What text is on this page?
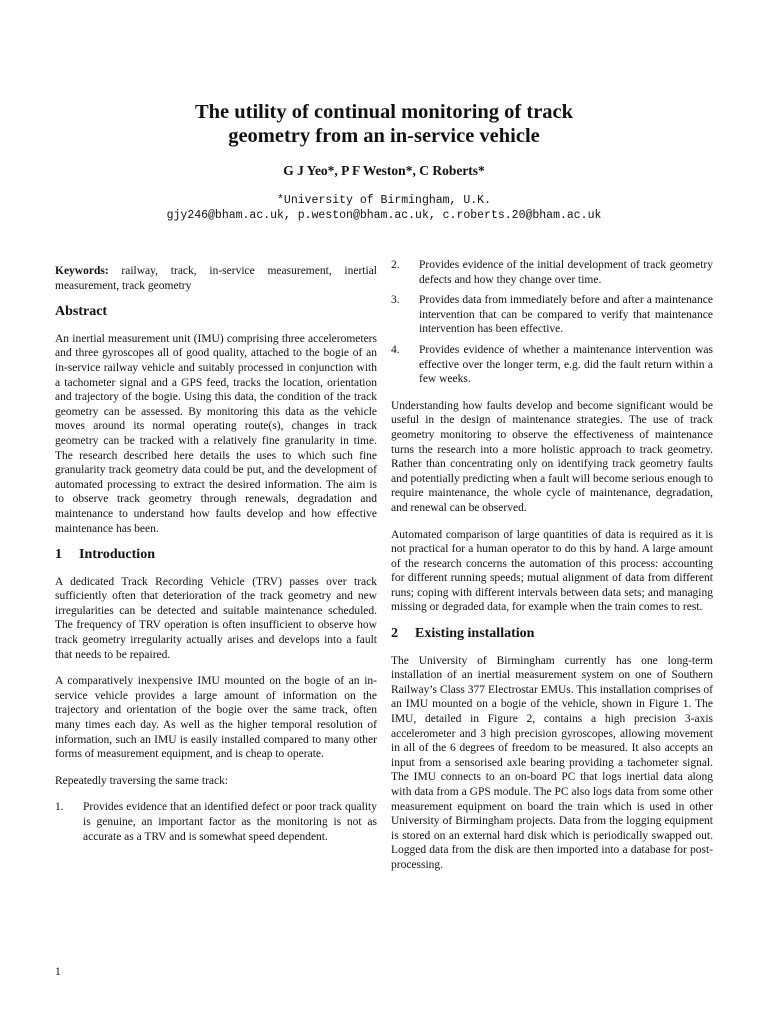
The utility of continual monitoring of track
geometry from an in-service vehicle
G J Yeo*, P F Weston*, C Roberts*
*University of Birmingham, U.K.
gjy246@bham.ac.uk, p.weston@bham.ac.uk, c.roberts.20@bham.ac.uk

Keywords: railway, track, in-service measurement, inertial measurement, track geometry

Abstract

An inertial measurement unit (IMU) comprising three accelerometers and three gyroscopes all of good quality, attached to the bogie of an in-service railway vehicle and suitably processed in conjunction with a tachometer signal and a GPS feed, tracks the location, orientation and trajectory of the bogie. Using this data, the condition of the track geometry can be assessed. By monitoring this data as the vehicle moves around its normal operating route(s), changes in track geometry can be tracked with a relatively fine granularity in time. The research described here details the uses to which such fine granularity track geometry data could be put, and the development of automated processing to extract the desired information. The aim is to observe track geometry through renewals, degradation and maintenance to understand how faults develop and how effective maintenance has been.

1 Introduction

A dedicated Track Recording Vehicle (TRV) passes over track sufficiently often that deterioration of the track geometry and new irregularities can be detected and suitable maintenance scheduled. The frequency of TRV operation is often insufficient to observe how track geometry irregularity actually arises and develops into a fault that needs to be repaired.

A comparatively inexpensive IMU mounted on the bogie of an in-service vehicle provides a large amount of information on the trajectory and orientation of the bogie over the same track, often many times each day. As well as the higher temporal resolution of information, such an IMU is easily installed compared to many other forms of measurement equipment, and is cheap to operate.

Repeatedly traversing the same track:

1.	Provides evidence that an identified defect or poor track quality is genuine, an important factor as the monitoring is not as accurate as a TRV and is somewhat speed dependent.
2.	Provides evidence of the initial development of track geometry defects and how they change over time.
3.	Provides data from immediately before and after a maintenance intervention that can be compared to verify that maintenance intervention has been effective.
4.	Provides evidence of whether a maintenance intervention was effective over the longer term, e.g. did the fault return within a few weeks.

Understanding how faults develop and become significant would be useful in the design of maintenance strategies. The use of track geometry monitoring to observe the effectiveness of maintenance turns the research into a more holistic approach to track geometry. Rather than concentrating only on identifying track geometry faults and potentially predicting when a fault will become serious enough to require maintenance, the whole cycle of maintenance, degradation, and renewal can be observed.

Automated comparison of large quantities of data is required as it is not practical for a human operator to do this by hand. A large amount of the research concerns the automation of this process: accounting for different running speeds; mutual alignment of data from different runs; coping with different intervals between data sets; and managing missing or degraded data, for example when the train comes to rest.

2 Existing installation

The University of Birmingham currently has one long-term installation of an inertial measurement system on one of Southern Railway’s Class 377 Electrostar EMUs. This installation comprises of an IMU mounted on a bogie of the vehicle, shown in Figure 1. The IMU, detailed in Figure 2, contains a high precision 3-axis accelerometer and 3 high precision gyroscopes, allowing movement in all of the 6 degrees of freedom to be measured. It also accepts an input from a sensorised axle bearing providing a tachometer signal. The IMU connects to an on-board PC that logs inertial data along with data from a GPS module. The PC also logs data from some other measurement equipment on board the train which is used in other University of Birmingham projects. Data from the logging equipment is stored on an external hard disk which is periodically swapped out. Logged data from the disk are then imported into a database for post-processing.

1
